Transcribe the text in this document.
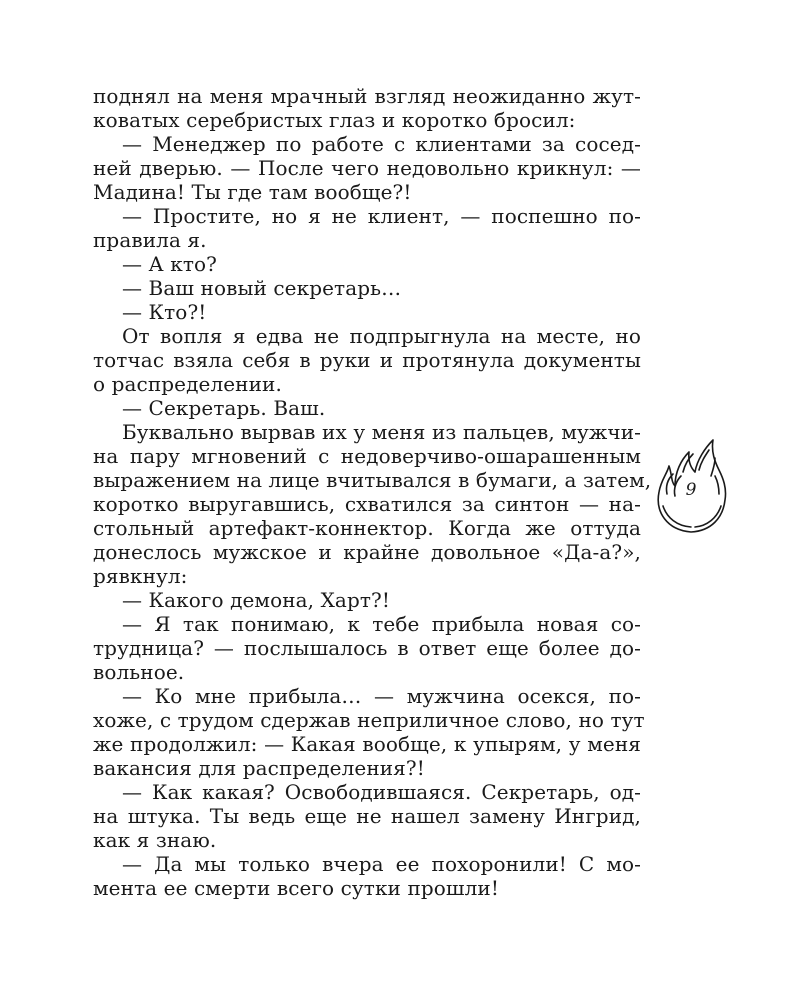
поднял на меня мрачный взгляд неожиданно жут-
коватых серебристых глаз и коротко бросил:
— Менеджер по работе с клиентами за сосед-
ней дверью. — После чего недовольно крикнул: —
Мадина! Ты где там вообще?!
— Простите, но я не клиент, — поспешно по-
правила я.
— А кто?
— Ваш новый секретарь…
— Кто?!
От вопля я едва не подпрыгнула на месте, но
тотчас взяла себя в руки и протянула документы
о распределении.
— Секретарь. Ваш.
Буквально вырвав их у меня из пальцев, мужчи-
на пару мгновений с недоверчиво-ошарашенным
выражением на лице вчитывался в бумаги, а затем,
коротко выругавшись, схватился за синтон — на-
стольный артефакт-коннектор. Когда же оттуда
донеслось мужское и крайне довольное «Да-а?»,
рявкнул:
— Какого демона, Харт?!
— Я так понимаю, к тебе прибыла новая со-
трудница? — послышалось в ответ еще более до-
вольное.
— Ко мне прибыла… — мужчина осекся, по-
хоже, с трудом сдержав неприличное слово, но тут
же продолжил: — Какая вообще, к упырям, у меня
вакансия для распределения?!
— Как какая? Освободившаяся. Секретарь, од-
на штука. Ты ведь еще не нашел замену Ингрид,
как я знаю.
— Да мы только вчера ее похоронили! С мо-
мента ее смерти всего сутки прошли!
9
